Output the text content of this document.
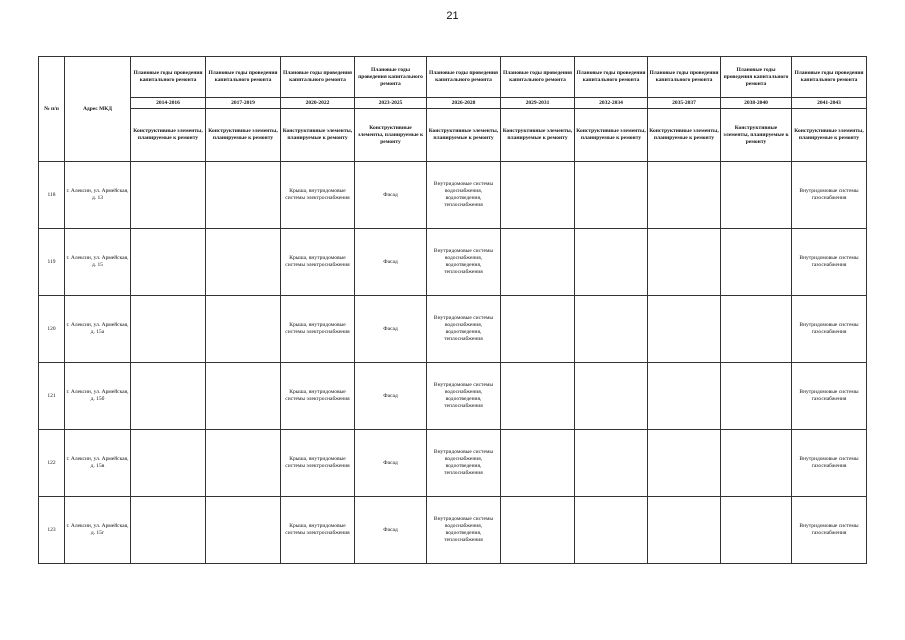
21
№ п/п	Адрес МКД	Плановые годы проведения капитального ремонта	Плановые годы проведения капитального ремонта	Плановые годы проведения капитального ремонта	Плановые годы проведения капитального ремонта	Плановые годы проведения капитального ремонта	Плановые годы проведения капитального ремонта	Плановые годы проведения капитального ремонта	Плановые годы проведения капитального ремонта	Плановые годы проведения капитального ремонта	Плановые годы проведения капитального ремонта
		2014-2016	2017-2019	2020-2022	2023-2025	2026-2028	2029-2031	2032-2034	2035-2037	2038-2040	2041-2043
		Конструктивные элементы, планируемые к ремонту	Конструктивные элементы, планируемые к ремонту	Конструктивные элементы, планируемые к ремонту	Конструктивные элементы, планируемые к ремонту	Конструктивные элементы, планируемые к ремонту	Конструктивные элементы, планируемые к ремонту	Конструктивные элементы, планируемые к ремонту	Конструктивные элементы, планируемые к ремонту	Конструктивные элементы, планируемые к ремонту	Конструктивные элементы, планируемые к ремонту
118	г. Алексин, ул. Армейская, д. 13			Крыша, внутридомовые системы электроснабжения	Фасад	Внутридомовые системы водоснабжения, водоотведения, теплоснабжения					Внутридомовые системы газоснабжения
119	г. Алексин, ул. Армейская, д. 15			Крыша, внутридомовые системы электроснабжения	Фасад	Внутридомовые системы водоснабжения, водоотведения, теплоснабжения					Внутридомовые системы газоснабжения
120	г. Алексин, ул. Армейская, д. 15а			Крыша, внутридомовые системы электроснабжения	Фасад	Внутридомовые системы водоснабжения, водоотведения, теплоснабжения					Внутридомовые системы газоснабжения
121	г. Алексин, ул. Армейская, д. 15б			Крыша, внутридомовые системы электроснабжения	Фасад	Внутридомовые системы водоснабжения, водоотведения, теплоснабжения					Внутридомовые системы газоснабжения
122	г. Алексин, ул. Армейская, д. 15в			Крыша, внутридомовые системы электроснабжения	Фасад	Внутридомовые системы водоснабжения, водоотведения, теплоснабжения					Внутридомовые системы газоснабжения
123	г. Алексин, ул. Армейская, д. 15г			Крыша, внутридомовые системы электроснабжения	Фасад	Внутридомовые системы водоснабжения, водоотведения, теплоснабжения					Внутридомовые системы газоснабжения
